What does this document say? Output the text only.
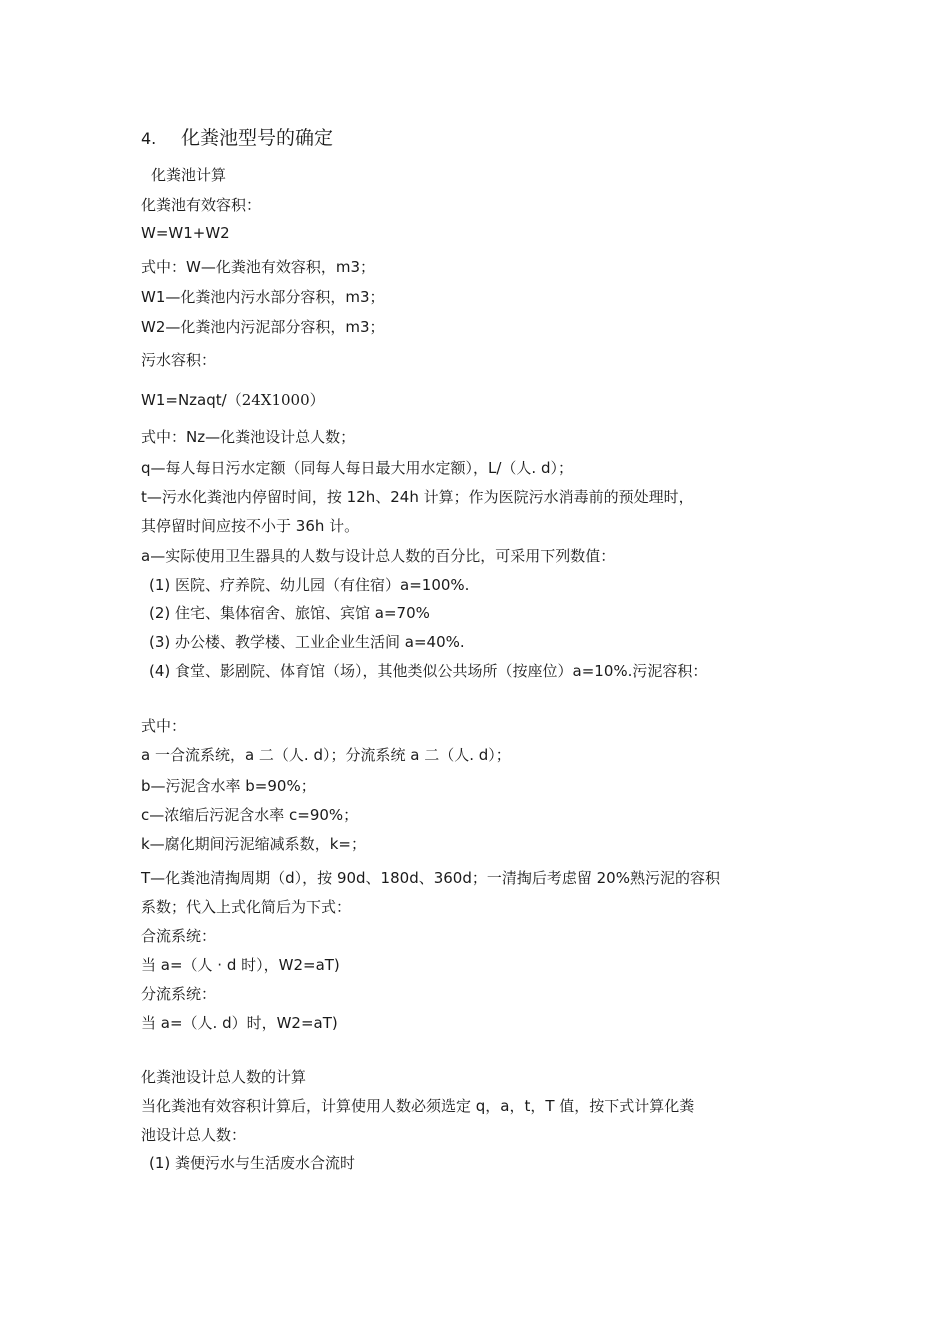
4. 化粪池型号的确定
化粪池计算
化粪池有效容积：
W=W1+W2
式中：W—化粪池有效容积，m3；
W1—化粪池内污水部分容积，m3；
W2—化粪池内污泥部分容积，m3；
污水容积：
W1=Nzaqt/（24X1000）
式中：Nz—化粪池设计总人数；
q—每人每日污水定额（同每人每日最大用水定额），L/（人. d）；
t—污水化粪池内停留时间，按 12h、24h 计算；作为医院污水消毒前的预处理时，
其停留时间应按不小于 36h 计。
a—实际使用卫生器具的人数与设计总人数的百分比，可采用下列数值：
(1) 医院、疗养院、幼儿园（有住宿）a=100%.
(2) 住宅、集体宿舍、旅馆、宾馆 a=70%
(3) 办公楼、教学楼、工业企业生活间 a=40%.
(4) 食堂、影剧院、体育馆（场），其他类似公共场所（按座位）a=10%.污泥容积：
式中：
a 一合流系统，a 二（人. d）；分流系统 a 二（人. d）；
b—污泥含水率 b=90%；
c—浓缩后污泥含水率 c=90%；
k—腐化期间污泥缩减系数，k=；
T—化粪池清掏周期（d），按 90d、180d、360d；一清掏后考虑留 20%熟污泥的容积
系数；代入上式化简后为下式：
合流系统：
当 a=（人 · d 时），W2=aT)
分流系统：
当 a=（人. d）时，W2=aT)
化粪池设计总人数的计算
当化粪池有效容积计算后，计算使用人数必须选定 q，a，t，T 值，按下式计算化粪
池设计总人数：
(1) 粪便污水与生活废水合流时
